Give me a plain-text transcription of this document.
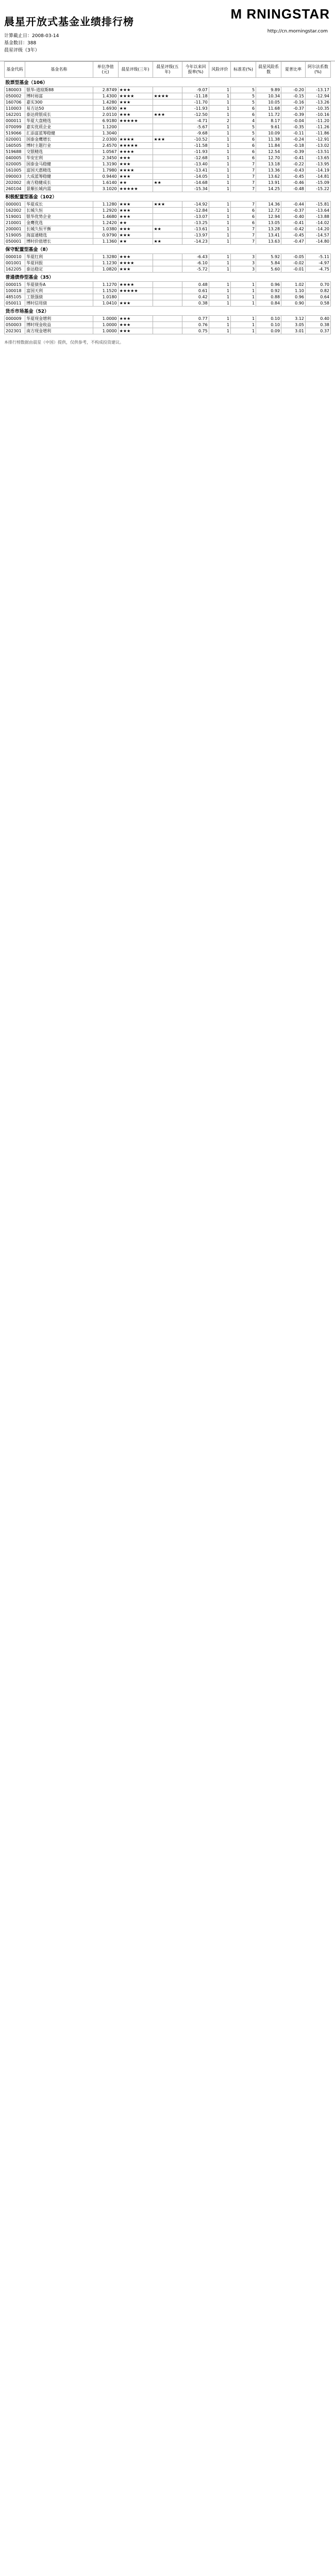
晨星开放式基金业绩排行榜	M RNINGSTAR
http://cn.morningstar.com
计算截止日：2008-03-14
基金数目：388
晨星评级（3年）
基金代码	基金名称	单位净值(元)	晨星评级(三年)	晨星评级(五年)	今年以来回报率(%)	风险评价	标准差(%)	晨星风险系数	夏普比率	阿尔法系数(%)
股票型基金（106）										
180003	银华-道琼斯88	2.8749	★★★		-9.07	1	5	9.89	-0.20	-13.17
050002	博时裕富	1.4300	★★★★	★★★★	-11.18	1	5	10.34	-0.15	-12.94
160706	嘉实300	1.4280	★★★		-11.70	1	5	10.05	-0.16	-13.26
110003	易方达50	1.6930	★★		-11.93	1	6	11.68	-0.37	-10.35
162201	泰达荷银成长	2.0110	★★★	★★★	-12.50	1	6	11.72	-0.39	-10.16
000011	华夏大盘精选	6.9180	★★★★★		-4.71	2	4	8.17	-0.04	-11.20
070099	嘉实优质企业	1.1200			-5.67	1	5	9.61	-0.35	-11.26
519066	汇添富蓝筹稳健	1.3040			-9.68	1	5	10.09	-0.11	-11.86
020001	国泰金鹰增长	2.0300	★★★★	★★★	-10.52	1	6	11.38	-0.24	-12.91
160505	博时主题行业	2.4570	★★★★★		-11.58	1	6	11.84	-0.18	-13.02
519688	交银精选	1.0567	★★★★		-11.93	1	6	12.54	-0.39	-13.51
040005	华安宏利	2.3450	★★★		-12.68	1	6	12.70	-0.41	-13.65
020005	国泰金马稳健	1.3190	★★★		-13.40	1	7	13.18	-0.22	-13.95
161005	富国天惠精选	1.7980	★★★★		-13.41	1	7	13.36	-0.43	-14.19
090003	大成蓝筹稳健	0.9440	★★★		-14.05	1	7	13.62	-0.45	-14.81
202002	南方稳健成长	1.6140	★★	★★	-14.68	1	7	13.91	-0.46	-15.09
260104	景顺长城内需	3.1020	★★★★★		-15.34	1	7	14.25	-0.48	-15.22
积极配置型基金（102）										
000001	华夏成长	1.1280	★★★	★★★	-14.92	1	7	14.36	-0.44	-15.81
162002	长城久恒	1.2920	★★★		-12.84	1	6	12.72	-0.37	-13.64
519001	银华优势企业	1.4680	★★★		-13.07	1	6	12.94	-0.40	-13.88
210001	金鹰优选	1.2420	★★		-13.25	1	6	13.05	-0.41	-14.02
200001	长城久恒平衡	1.0380	★★★	★★	-13.61	1	7	13.28	-0.42	-14.20
519005	海富通精选	0.9790	★★★		-13.97	1	7	13.41	-0.45	-14.57
050001	博时价值增长	1.1360	★★	★★	-14.23	1	7	13.63	-0.47	-14.80
保守配置型基金（8）										
000010	华夏红利	1.3280	★★★		-6.43	1	3	5.92	-0.05	-5.11
001001	华夏回报	1.1230	★★★★		-6.10	1	3	5.84	-0.02	-4.97
162205	泰达稳定	1.0820	★★★		-5.72	1	3	5.60	-0.01	-4.75
普通债券型基金（35）										
000015	华夏债券A	1.1270	★★★★		0.48	1	1	0.96	1.02	0.70
100018	富国天利	1.1520	★★★★★		0.61	1	1	0.92	1.10	0.82
485105	工银强债	1.0180			0.42	1	1	0.88	0.96	0.64
050011	博时信用债	1.0410	★★★		0.38	1	1	0.84	0.90	0.58
货币市场基金（52）										
000009	华夏现金增利	1.0000	★★★		0.77	1	1	0.10	3.12	0.40
050003	博时现金收益	1.0000	★★★		0.76	1	1	0.10	3.05	0.38
202301	南方现金增利	1.0000	★★★		0.75	1	1	0.09	3.01	0.37
本排行榜数据由晨星（中国）提供，仅供参考，不构成投资建议。
